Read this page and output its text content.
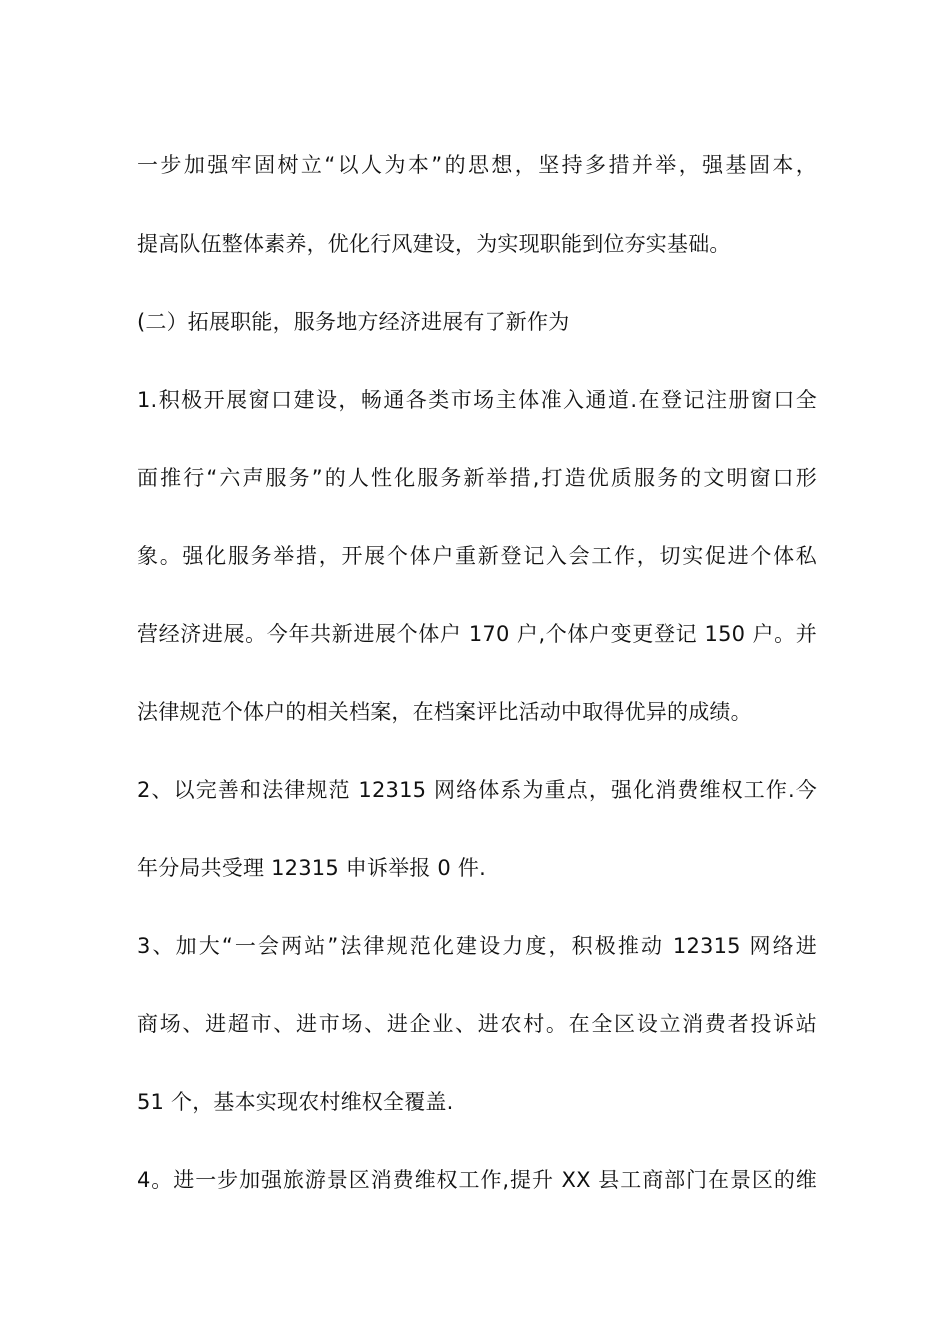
一步加强牢固树立“以人为本”的思想，坚持多措并举，强基固本，
提高队伍整体素养，优化行风建设，为实现职能到位夯实基础。
(二）拓展职能，服务地方经济进展有了新作为
1.积极开展窗口建设，畅通各类市场主体准入通道.在登记注册窗口全
面推行“六声服务”的人性化服务新举措,打造优质服务的文明窗口形
象。强化服务举措，开展个体户重新登记入会工作，切实促进个体私
营经济进展。今年共新进展个体户 170 户,个体户变更登记 150 户。并
法律规范个体户的相关档案，在档案评比活动中取得优异的成绩。
2、以完善和法律规范 12315 网络体系为重点，强化消费维权工作.今
年分局共受理 12315 申诉举报 0 件.
3、加大“一会两站”法律规范化建设力度，积极推动 12315 网络进
商场、进超市、进市场、进企业、进农村。在全区设立消费者投诉站
51 个，基本实现农村维权全覆盖.
4。进一步加强旅游景区消费维权工作,提升 XX 县工商部门在景区的维
